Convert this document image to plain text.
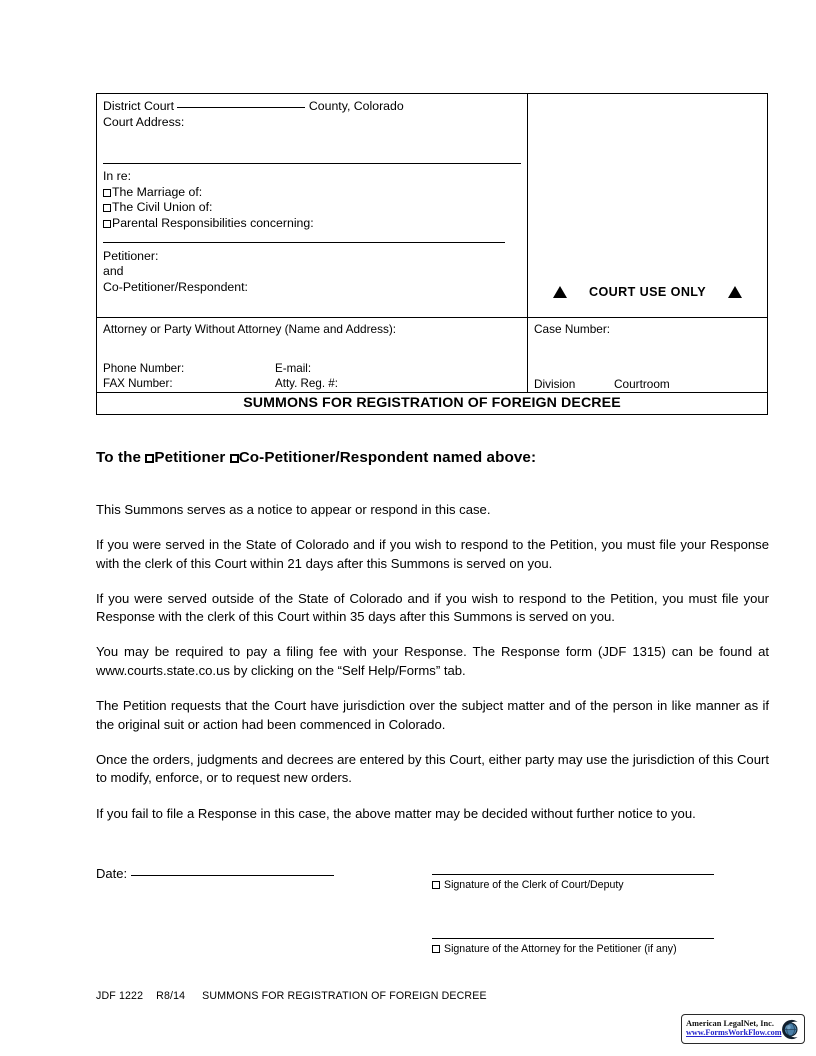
District Court	County, Colorado
Court Address:
In re:
The Marriage of:
The Civil Union of:
Parental Responsibilities concerning:
Petitioner:
and
Co-Petitioner/Respondent:	COURT USE ONLY
Attorney or Party Without Attorney (Name and Address):
Phone Number:	E-mail:
FAX Number:	Atty. Reg. #:
Case Number:
Division	Courtroom
SUMMONS FOR REGISTRATION OF FOREIGN DECREE
To the Petitioner Co-Petitioner/Respondent named above:

This Summons serves as a notice to appear or respond in this case.

If you were served in the State of Colorado and if you wish to respond to the Petition, you must file your Response with the clerk of this Court within 21 days after this Summons is served on you.

If you were served outside of the State of Colorado and if you wish to respond to the Petition, you must file your Response with the clerk of this Court within 35 days after this Summons is served on you.

You may be required to pay a filing fee with your Response. The Response form (JDF 1315) can be found at www.courts.state.co.us by clicking on the “Self Help/Forms” tab.

The Petition requests that the Court have jurisdiction over the subject matter and of the person in like manner as if the original suit or action had been commenced in Colorado.

Once the orders, judgments and decrees are entered by this Court, either party may use the jurisdiction of this Court to modify, enforce, or to request new orders.

If you fail to file a Response in this case, the above matter may be decided without further notice to you.

Date:
Signature of the Clerk of Court/Deputy
Signature of the Attorney for the Petitioner (if any)
JDF 1222 R8/14 SUMMONS FOR REGISTRATION OF FOREIGN DECREE
American LegalNet, Inc.
www.FormsWorkFlow.com
